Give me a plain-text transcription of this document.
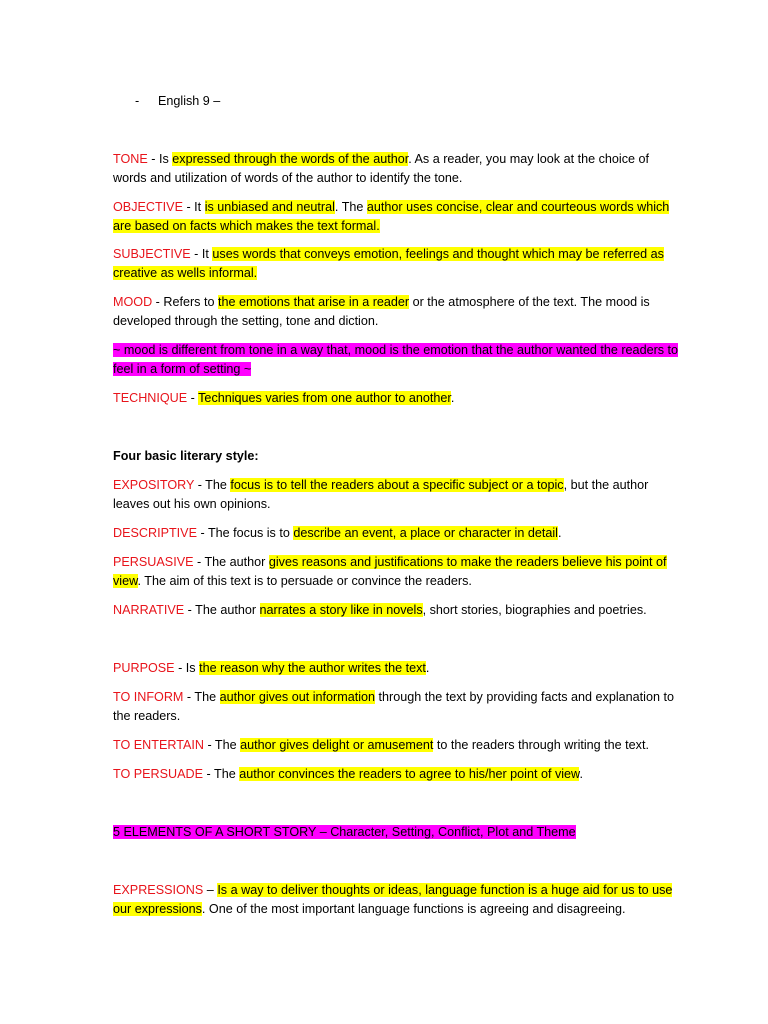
- English 9 –

TONE - Is expressed through the words of the author. As a reader, you may look at the choice of words and utilization of words of the author to identify the tone.

OBJECTIVE - It is unbiased and neutral. The author uses concise, clear and courteous words which are based on facts which makes the text formal.

SUBJECTIVE - It uses words that conveys emotion, feelings and thought which may be referred as creative as wells informal.

MOOD - Refers to the emotions that arise in a reader or the atmosphere of the text. The mood is developed through the setting, tone and diction.

~ mood is different from tone in a way that, mood is the emotion that the author wanted the readers to feel in a form of setting ~

TECHNIQUE - Techniques varies from one author to another.

Four basic literary style:

EXPOSITORY - The focus is to tell the readers about a specific subject or a topic, but the author leaves out his own opinions.

DESCRIPTIVE - The focus is to describe an event, a place or character in detail.

PERSUASIVE - The author gives reasons and justifications to make the readers believe his point of view. The aim of this text is to persuade or convince the readers.

NARRATIVE - The author narrates a story like in novels, short stories, biographies and poetries.

PURPOSE - Is the reason why the author writes the text.

TO INFORM - The author gives out information through the text by providing facts and explanation to the readers.

TO ENTERTAIN - The author gives delight or amusement to the readers through writing the text.

TO PERSUADE - The author convinces the readers to agree to his/her point of view.

5 ELEMENTS OF A SHORT STORY – Character, Setting, Conflict, Plot and Theme

EXPRESSIONS – Is a way to deliver thoughts or ideas, language function is a huge aid for us to use our expressions. One of the most important language functions is agreeing and disagreeing.
